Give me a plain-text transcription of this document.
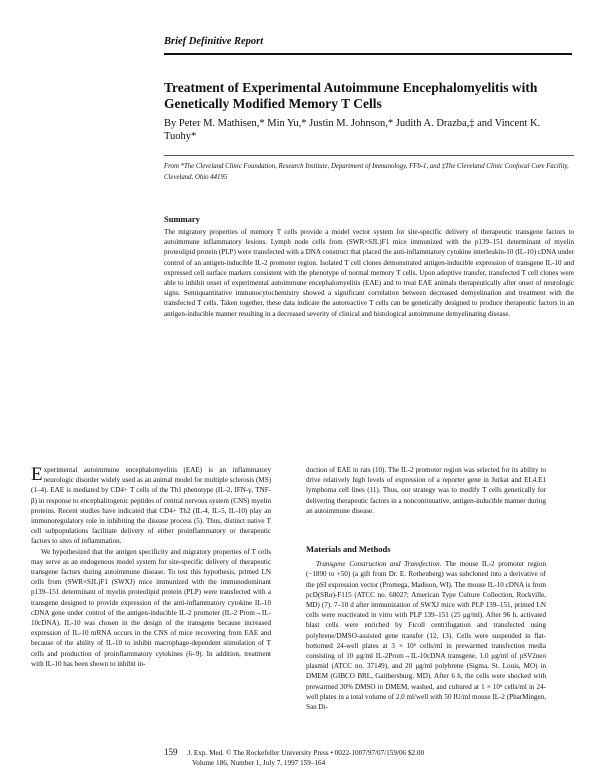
Brief Definitive Report
Treatment of Experimental Autoimmune Encephalomyelitis with Genetically Modified Memory T Cells
By Peter M. Mathisen,* Min Yu,* Justin M. Johnson,* Judith A. Drazba,‡ and Vincent K. Tuohy*
From *The Cleveland Clinic Foundation, Research Institute, Department of Immunology, FFb-1, and ‡The Cleveland Clinic Confocal Core Facility, Cleveland, Ohio 44195
Summary
The migratory properties of memory T cells provide a model vector system for site-specific delivery of therapeutic transgene factors to autoimmune inflammatory lesions. Lymph node cells from (SWR×SJL)F1 mice immunized with the p139–151 determinant of myelin proteolipid protein (PLP) were transfected with a DNA construct that placed the anti-inflammatory cytokine interleukin-10 (IL-10) cDNA under control of an antigen-inducible IL-2 promoter region. Isolated T cell clones demonstrated antigen-inducible expression of transgene IL-10 and expressed cell surface markers consistent with the phenotype of normal memory T cells. Upon adoptive transfer, transfected T cell clones were able to inhibit onset of experimental autoimmune encephalomyelitis (EAE) and to treat EAE animals therapeutically after onset of neurologic signs. Semiquantitative immunocytochemistry showed a significant correlation between decreased demyelination and treatment with the transfected T cells. Taken together, these data indicate the autoreactive T cells can be genetically designed to produce therapeutic factors in an antigen-inducible manner resulting in a decreased severity of clinical and histological autoimmune demyelinating disease.

Experimental autoimmune encephalomyelitis (EAE) is an inflammatory neurologic disorder widely used as an animal model for multiple sclerosis (MS) (1–4). EAE is mediated by CD4+ T cells of the Th1 phenotype (IL-2, IFN-γ, TNF-β) in response to encephalitogenic peptides of central nervous system (CNS) myelin proteins. Recent studies have indicated that CD4+ Th2 (IL-4, IL-5, IL-10) play an immunoregulatory role in inhibiting the disease process (5). Thus, distinct native T cell subpopulations facilitate delivery of either proinflammatory or therapeutic factors to sites of inflammation.

We hypothesized that the antigen specificity and migratory properties of T cells may serve as an endogenous model system for site-specific delivery of therapeutic transgene factors during autoimmune disease. To test this hypothesis, primed LN cells from (SWR×SJL)F1 (SWXJ) mice immunized with the immunodominant p139–151 determinant of myelin proteolipid protein (PLP) were transfected with a transgene designed to provide expression of the anti-inflammatory cytokine IL-10 cDNA gene under control of the antigen-inducible IL-2 promoter (IL-2 Prom→IL-10cDNA). IL-10 was chosen in the design of the transgene because increased expression of IL-10 mRNA occurs in the CNS of mice recovering from EAE and because of the ability of IL-10 to inhibit macrophage-dependent stimulation of T cells and production of proinflammatory cytokines (6–9). In addition, treatment with IL-10 has been shown to inhibit in-

duction of EAE in rats (10). The IL-2 promoter region was selected for its ability to drive relatively high levels of expression of a reporter gene in Jurkat and EL4.E1 lymphoma cell lines (11). Thus, our strategy was to modify T cells genetically for delivering therapeutic factors in a noncontinuative, antigen-inducible manner during an autoimmune disease.

Materials and Methods

Transgene Construction and Transfection. The mouse IL-2 promoter region (−1890 to +50) (a gift from Dr. E. Rothenberg) was subcloned into a derivative of the pSI expression vector (Promega, Madison, WI). The mouse IL-10 cDNA is from pcD(SRα)-F115 (ATCC no. 68027; American Type Culture Collection, Rockville, MD) (7). 7–10 d after immunization of SWXJ mice with PLP 139–151, primed LN cells were reactivated in vitro with PLP 139–151 (25 μg/ml). After 96 h, activated blast cells were enriched by Ficoll centrifugation and transfected using polybrene/DMSO-assisted gene transfer (12, 13). Cells were suspended in flat-bottomed 24-well plates at 3 × 10⁶ cells/ml in prewarmed transfection media consisting of 10 μg/ml IL-2Prom→IL-10cDNA transgene, 1.0 μg/ml of pSV2neo plasmid (ATCC no. 37149), and 20 μg/ml polybrene (Sigma, St. Louis, MO) in DMEM (GIBCO BRL, Gaithersburg, MD). After 6 h, the cells were shocked with prewarmed 30% DMSO in DMEM, washed, and cultured at 1 × 10⁶ cells/ml in 24-well plates in a total volume of 2.0 ml/well with 50 IU/ml mouse IL-2 (PharMingen, San Di-

159 J. Exp. Med. © The Rockefeller University Press • 0022-1007/97/07/159/06 $2.00
Volume 186, Number 1, July 7, 1997 159–164
